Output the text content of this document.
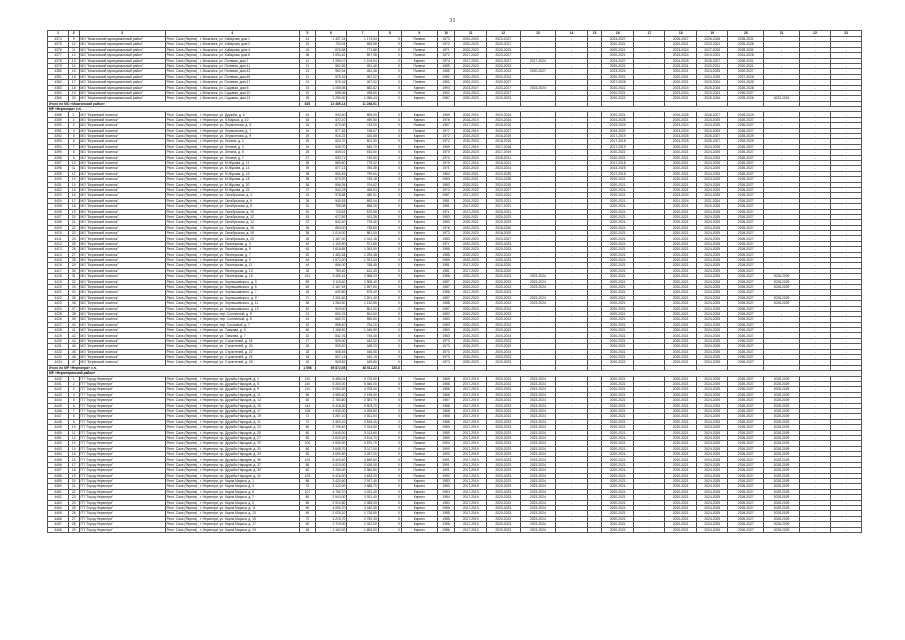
31
1	2	3	4	5	6	7	8	9	10	11	12	13	14	15	16	17	18	19	20	21	22	23
4374	9	МО "Можгинский муниципальный район"	Респ. Саха (Якутия) , г. Можгинск, ул. Хабарова, дом 1	41	1 497,24	1 174,54	0	Панели	1973	2020-2023	2023-2027	-	-	-	2024-2027	-	2026-2027	2026-2028	2028-2031	-	-	-
4375	10	МО "Можгинский муниципальный район"	Респ. Саха (Якутия) , г. Можгинск, ул. Хабарова, дом 2	22	733,04	655,58	0	Панели	1970	2020-2024	2020-2027	-	-	-	2020-2021	-	2020-2021	2023-2024	2025-2026	-	-	-
4376	11	МО "Можгинский муниципальный район"	Респ. Саха (Якутия) , г. Можгинск, ул. Хабарова, дом 4	24	876,68	771,86	0	Панели	1971	2020-2023	2020-2023	-	-	-	2020-2021	-	2023-2024	2027-2028	2028-2031	-	-	-
4377	12	МО "Можгинский муниципальный район"	Респ. Саха (Якутия) , г. Можгинск, ул. Хабарова, дом 6	36	1 094,40	807,98	0	Панели	1972	2017-2020	2023-2027	-	-	-	2020-2021	-	2019-2024	2019-2024	2024-2028	-	-	-
4378	13	МО "Можгинский муниципальный район"	Респ. Саха (Якутия) , г. Можгинск, ул. Полевая, дом 7	41	1 259,07	1 104,94	0	Кирпич	1974	2017-2020	2023-2027	2017-2024	-	-	2024-2027	-	2024-2025	2026-2027	2028-2031	-	-	-
4379	14	МО "Можгинский муниципальный район"	Респ. Саха (Якутия) , г. Можгинск, ул. Полевая, дом 41	21	562,36	451,46	0	Панели	1985	2020-2023	2020-2023	-	-	-	2020-2021	-	2029-2031	2020-2021	2020-2021	-	-	-
4380	15	МО "Можгинский муниципальный район"	Респ. Саха (Якутия) , г. Можгинск, ул. Полевая, дом 43	21	552,94	451,46	0	Панели	1985	2020-2023	2020-2023	2020-2027	-	-	2023-2024	-	2020-2021	2024-2025	2020-2027	-	-	-
4381	16	МО "Можгинский муниципальный район"	Респ. Саха (Якутия) , г. Можгинск, ул. Полевая, дом 45	21	575,16	467,02	0	Панели	1982	2020-2023	2020-2023	-	-	-	2020-2021	-	2020-2021	2024-2025	2027-2028	-	-	-
4382	17	МО "Можгинский муниципальный район"	Респ. Саха (Якутия) , г. Можгинск, ул. Полевая, дом 47	21	575,16	467,02	0	Панели	1982	2020-2023	2023-2027	-	-	-	2027-2028	-	2020-2021	2023-2024	2024-2025	-	-	-
4383	18	МО "Можгинский муниципальный район"	Респ. Саха (Якутия) , г. Можгинск, ул. Садовая, дом 5	24	1 065,98	882,62	0	Кирпич	1993	2023-2027	2023-2027	2023-2024	-	-	2020-2021	-	2023-2024	2026-2028	2026-2028	-	-	-
4384	19	МО "Можгинский муниципальный район"	Респ. Саха (Якутия) , г. Можгинск, ул. Садовая, дом 10	22	598,06	498,60	0	Панели	1962	2020-2023	2023-2027	-	-	-	2020-2021	-	2023-2024	2023-2024	2026-2027	-	-	-
4385	20	МО "Можгинский муниципальный район"	Респ. Саха (Якутия) , г. Можгинск, ул. Садовая, дом 12	39	1 290,00	1 056,44	0	Кирпич	1987	2020-2023	2020-2023	-	-	-	2020-2021	-	2020-2021	2025-2026	2025-2026	2023-2024	-	-
Итого по МО «Можгинский район»				625	12 489,14	11 248,61																
МР «Нерюнгри» с.п.																						
4388	1	МО "Беринский поселок"	Респ. Саха (Якутия) , г. Нерюнгри, ул. Дружбы, д. 6	43	942,60	805,09	0	Кирпич	1969	2020-2023	2020-2024	-	-	-	2020-2021	-	2024-2025	2026-2027	2028-2029	-	-	-
4389	2	МО "Беринский поселок"	Респ. Саха (Якутия) , г. Нерюнгри, ул. К.Маркса, д. 10	18	572,10	490,50	0	Кирпич	1976	2018-2019	2023-2024	-	-	-	2024-2025	-	2020-2021	2024-2025	2026-2027	-	-	-
4390	3	МО "Беринский поселок"	Респ. Саха (Якутия) , г. Нерюнгри, ул. Лермонтова, д. 5	24	870,00	743,00	0	Панели	1987	2017-2020	2018-2019	-	-	-	2019-2020	-	2023-2024	2024-2025	2026-2027	-	-	-
4391	4	МО "Беринский поселок"	Респ. Саха (Якутия) , г. Нерюнгри, ул. Лермонтова, д. 7	24	877,45	748,57	0	Панели	1977	2018-2019	2020-2027	-	-	-	2019-2020	-	2023-2024	2024-2025	2026-2027	-	-	-
4392	5	МО "Беринский поселок"	Респ. Саха (Якутия) , г. Нерюнгри, ул. Лермонтова, д. 9	25	515,22	430,68	0	Кирпич	1972	2020-2023	2016-2019	-	-	-	2017-2019	-	2024-2025	2026-2027	2028-2029	-	-	-
4393	6	МО "Беринский поселок"	Респ. Саха (Якутия) , г. Нерюнгри, ул. Ленина, д. 2	25	524,70	501,30	0	Кирпич	1972	2020-2023	2018-2019	-	-	-	2017-2018	-	2024-2025	2026-2027	2028-2029	-	-	-
4394	7	МО "Беринский поселок"	Респ. Саха (Якутия) , г. Нерюнгри, ул. Ленина, д. 3	24	549,70	540,70	0	Кирпич	1969	2017-2019	2017-2018	-	-	-	2017-2019	-	2020-2021	2024-2025	2026-2027	-	-	-
4395	8	МО "Беринский поселок"	Респ. Саха (Якутия) , г. Нерюнгри, ул. Ленина, д. 5	25	849,01	634,50	0	Кирпич	1970	2020-2023	2017-2019	-	-	-	2020-2021	-	2020-2021	2024-2025	2026-2027	-	-	-
4396	9	МО "Беринский поселок"	Респ. Саха (Якутия) , г. Нерюнгри, ул. Ленина, д. 7	27	833,71	749,50	0	Кирпич	1970	2020-2023	2018-2021	-	-	-	2020-2021	-	2020-2021	2024-2025	2026-2027	-	-	-
4397	10	МО "Беринский поселок"	Респ. Саха (Якутия) , г. Нерюнгри, ул. М.Жукова, д. 12	35	889,60	775,02	0	Кирпич	1970	2017-2018	2018-2021	-	-	-	2017-2018	-	2020-2021	2024-2025	2026-2027	-	-	-
4398	11	МО "Беринский поселок"	Респ. Саха (Якутия) , г. Нерюнгри, ул. М.Жукова, д. 14	39	877,13	780,38	0	Кирпич	1971	2020-2023	2023-2024	-	-	-	2024-2025	-	2020-2021	2024-2025	2026-2027	-	-	-
4399	12	МО "Беринский поселок"	Респ. Саха (Якутия) , г. Нерюнгри, ул. М.Жукова, д. 16	36	850,49	799,60	0	Кирпич	1984	2020-2021	2024-2025	-	-	-	2017-2018	-	2020-2021	2024-2025	2026-2027	-	-	-
4400	13	МО "Беринский поселок"	Респ. Саха (Якутия) , г. Нерюнгри, ул. М.Жукова, д. 18	36	879,20	745,18	0	Кирпич	1983	2020-2021	2024-2025	-	-	-	2020-2021	-	2020-2021	2024-2025	2026-2027	-	-	-
4401	14	МО "Беринский поселок"	Респ. Саха (Якутия) , г. Нерюнгри, ул. М.Жукова, д. 20	36	856,35	704,62	0	Кирпич	1983	2020-2021	2024-2025	-	-	-	2020-2021	-	2020-2021	2024-2025	2026-2027	-	-	-
4402	15	МО "Беринский поселок"	Респ. Саха (Якутия) , г. Нерюнгри, ул. М.Жукова, д. 22	27	542,23	456,03	0	Кирпич	1972	2020-2023	2023-2027	-	-	-	2020-2021	-	2020-2021	2024-2025	2026-2027	-	-	-
4403	16	МО "Беринский поселок"	Респ. Саха (Якутия) , г. Нерюнгри, ул. Октябрьская, д. 4	24	578,88	480,01	0	Кирпич	1987	2017-2020	2023-2024	-	-	-	2020-2021	-	2023-2024	2024-2025	2026-2027	-	-	-
4404	17	МО "Беринский поселок"	Респ. Саха (Якутия) , г. Нерюнгри, ул. Октябрьская, д. 6	26	940,53	853,44	0	Кирпич	1981	2020-2023	2020-2021	-	-	-	2020-2021	-	2021-2024	2021-2024	2026-2027	-	-	-
4405	18	МО "Беринский поселок"	Респ. Саха (Якутия) , г. Нерюнгри, ул. Октябрьская, д. 8	31	798,08	656,26	0	Кирпич	1981	2017-2020	2017-2021	-	-	-	2020-2021	-	2020-2021	2024-2025	2026-2027	-	-	-
4406	19	МО "Беринский поселок"	Респ. Саха (Якутия) , г. Нерюнгри, ул. Октябрьская, д. 10	20	715,63	575,96	0	Кирпич	1971	2017-2020	2018-2021	-	-	-	2020-2021	-	2020-2021	2024-2025	2026-2027	-	-	-
4407	20	МО "Беринский поселок"	Респ. Саха (Якутия) , г. Нерюнгри, ул. Октябрьская, д. 12	43	677,59	511,38	0	Кирпич	1983	2020-2021	2020-2023	-	-	-	2020-2021	-	2020-2021	2024-2025	2026-2027	-	-	-
4408	21	МО "Беринский поселок"	Респ. Саха (Якутия) , г. Нерюнгри, ул. Октябрьская, д. 14	37	842,40	715,40	0	Кирпич	1983	2020-2021	2020-2023	-	-	-	2020-2021	-	2020-2021	2024-2025	2026-2027	-	-	-
4409	22	МО "Беринский поселок"	Респ. Саха (Якутия) , г. Нерюнгри, ул. Октябрьская, д. 16	26	854,00	735,80	0	Кирпич	1976	2020-2023	2018-2020	-	-	-	2020-2021	-	2020-2021	2024-2025	2026-2027	-	-	-
4410	23	МО "Беринский поселок"	Респ. Саха (Якутия) , г. Нерюнгри, ул. Октябрьская, д. 18	38	1 019,00	861,00	0	Кирпич	1973	2020-2023	2018-2020	-	-	-	2020-2021	-	2020-2021	2024-2025	2026-2027	-	-	-
4411	24	МО "Беринский поселок"	Респ. Саха (Якутия) , г. Нерюнгри, ул. Октябрьская, д. 20	26	1 187,00	1 012,18	0	Кирпич	1983	2020-2023	2023-2027	-	-	-	2020-2021	-	2020-2021	2024-2025	2026-2027	-	-	-
4412	25	МО "Беринский поселок"	Респ. Саха (Якутия) , г. Нерюнгри, ул. Пионерская, д. 3	42	1 100,90	971,80	0	Кирпич	1977	2020-2023	2020-2023	-	-	-	2020-2021	-	2020-2021	2024-2025	2026-2027	-	-	-
4413	26	МО "Беринский поселок"	Респ. Саха (Якутия) , г. Нерюнгри, ул. Пионерская, д. 5	62	1 618,85	1 343,90	0	Кирпич	1985	2020-2023	2020-2023	-	-	-	2020-2021	-	2020-2021	2024-2025	2026-2027	-	-	-
4414	27	МО "Беринский поселок"	Респ. Саха (Якутия) , г. Нерюнгри, ул. Пионерская, д. 7	52	1 463,28	1 254,48	0	Кирпич	1985	2020-2023	2020-2023	-	-	-	2020-2021	-	2020-2021	2024-2025	2026-2027	-	-	-
4415	28	МО "Беринский поселок"	Респ. Саха (Якутия) , г. Нерюнгри, ул. Пионерская, д. 9	64	1 572,00	1 331,04	0	Кирпич	1985	2020-2023	2020-2023	-	-	-	2020-2021	-	2020-2021	2024-2025	2026-2027	-	-	-
4416	29	МО "Беринский поселок"	Респ. Саха (Якутия) , г. Нерюнгри, ул. Пионерская, д. 11	44	866,00	768,48	0	Кирпич	1981	2017-2020	2018-2020	-	-	-	2020-2021	-	2020-2021	2024-2025	2026-2027	-	-	-
4417	30	МО "Беринский поселок"	Респ. Саха (Якутия) , г. Нерюнгри, ул. Пионерская, д. 13	32	780,40	612,40	0	Кирпич	1981	2017-2020	2018-2020	-	-	-	2020-2021	-	2020-2021	2024-2025	2026-2027	-	-	-
4418	31	МО "Беринский поселок"	Респ. Саха (Якутия) , г. Нерюнгри, ул. Пионерская, д. 15	151	3 456,16	2 968,33	0	Кирпич	1986	2020-2023	2020-2023	2023-2024	-	-	2020-2021	-	2020-2021	2024-2025	2026-2027	2028-2029	-	-
4419	32	МО "Беринский поселок"	Респ. Саха (Якутия) , г. Нерюнгри, ул. Чернышевского, д. 3	59	2 119,40	1 908,40	0	Кирпич	1987	2020-2023	2020-2023	2023-2024	-	-	2020-2021	-	2020-2021	2024-2025	2026-2027	2028-2029	-	-
4420	33	МО "Беринский поселок"	Респ. Саха (Якутия) , г. Нерюнгри, ул. Чернышевского, д. 5	63	2 167,49	1 897,60	0	Кирпич	1987	2020-2023	2020-2023	2023-2024	-	-	2020-2021	-	2020-2021	2024-2025	2026-2027	2028-2029	-	-
4421	34	МО "Беринский поселок"	Респ. Саха (Якутия) , г. Нерюнгри, ул. Чернышевского, д. 7	26	649,80	575,40	0	Кирпич	1988	2017-2020	2020-2023	-	-	-	2020-2021	-	2020-2021	2024-2025	2026-2027	-	-	-
4422	35	МО "Беринский поселок"	Респ. Саха (Якутия) , г. Нерюнгри, ул. Чернышевского, д. 9	71	1 341,60	1 201,40	0	Кирпич	1987	2020-2023	2020-2023	2023-2024	-	-	2020-2021	-	2020-2021	2024-2025	2026-2027	2028-2029	-	-
4423	36	МО "Беринский поселок"	Респ. Саха (Якутия) , г. Нерюнгри, ул. Чернышевского, д. 11	56	1 284,30	1 132,85	0	Кирпич	1988	2020-2023	2020-2023	2023-2024	-	-	2020-2021	-	2020-2021	2024-2025	2026-2027	2028-2029	-	-
4424	37	МО "Беринский поселок"	Респ. Саха (Якутия) , г. Нерюнгри, ул. Чернышевского, д. 13	40	919,00	801,00	0	Кирпич	1987	2020-2023	2020-2023	-	-	-	2020-2021	-	2020-2021	2024-2025	2026-2027	-	-	-
4425	38	МО "Беринский поселок"	Респ. Саха (Якутия) , г. Нерюнгри, пер. Солнечный, д. 5	21	600,76	504,60	0	Кирпич	1983	2020-2023	2020-2023	-	-	-	2020-2021	-	2020-2021	2024-2025	2026-2027	-	-	-
4426	39	МО "Беринский поселок"	Респ. Саха (Якутия) , г. Нерюнгри, пер. Солнечный, д. 8	24	660,70	590,60	0	Кирпич	1983	2020-2023	2020-2023	-	-	-	2020-2021	-	2020-2021	2024-2025	2026-2027	-	-	-
4427	40	МО "Беринский поселок"	Респ. Саха (Якутия) , г. Нерюнгри, пер. Сосновый, д. 7	32	858,40	754,20	0	Кирпич	1983	2020-2023	2020-2023	-	-	-	2020-2021	-	2020-2021	2024-2025	2026-2027	-	-	-
4428	41	МО "Беринский поселок"	Респ. Саха (Якутия) , г. Нерюнгри, ул. Таежная, д. 5	48	1 168,30	1 045,80	0	Кирпич	1983	2020-2023	2020-2023	-	-	-	2020-2021	-	2020-2021	2024-2025	2026-2027	-	-	-
4429	42	МО "Беринский поселок"	Респ. Саха (Якутия) , г. Нерюнгри, ул. Таежная, д. 7	32	842,76	745,48	0	Кирпич	1983	2020-2023	2020-2023	-	-	-	2020-2021	-	2020-2021	2024-2025	2026-2027	-	-	-
4430	43	МО "Беринский поселок"	Респ. Саха (Якутия) , г. Нерюнгри, ул. Строителей, д. 18	17	509,00	442,32	0	Кирпич	1973	2020-2023	2020-2023	-	-	-	2020-2021	-	2020-2021	2024-2025	2026-2027	-	-	-
4431	44	МО "Беринский поселок"	Респ. Саха (Якутия) , г. Нерюнгри, ул. Строителей, д. 20	18	509,20	448,20	0	Кирпич	1973	2020-2023	2020-2023	-	-	-	2020-2021	-	2020-2021	2024-2025	2026-2027	-	-	-
4432	45	МО "Беринский поселок"	Респ. Саха (Якутия) , г. Нерюнгри, ул. Строителей, д. 22	18	508,45	446,65	0	Кирпич	1973	2020-2023	2020-2023	-	-	-	2020-2021	-	2020-2021	2024-2025	2026-2027	-	-	-
4433	46	МО "Беринский поселок"	Респ. Саха (Якутия) , г. Нерюнгри, ул. Строителей, д. 24	18	507,13	440,19	0	Кирпич	1973	2020-2023	2020-2023	-	-	-	2020-2021	-	2020-2021	2024-2025	2026-2027	-	-	-
4434	47	МО "Беринский поселок"	Респ. Саха (Якутия) , г. Нерюнгри, ул. Строителей, д. 26	18	509,82	449,80	0	Кирпич	1973	2020-2023	2020-2023	-	-	-	2020-2021	-	2020-2021	2024-2025	2026-2027	-	-	-
Итого по МР «Нерюнгри» с.п.				1 598	55 872,08	48 511,22	320,8															
МР «Нерюнгринский район»																						
4440	1	ГП "Город Нерюнгри"	Респ. Саха (Якутия) , г. Нерюнгри, пр. Дружбы Народов, д. 1	120	5 485,04	4 729,90	0	Панели	1985	2017-2019	2020-2023	2023-2024	-	-	2020-2021	-	2020-2021	2024-2025	2026-2027	2028-2029	-	-
4441	2	ГП "Город Нерюнгри"	Респ. Саха (Якутия) , г. Нерюнгри, пр. Дружбы Народов, д. 5	140	6 300,00	5 466,00	0	Панели	1986	2017-2019	2020-2023	2023-2024	-	-	2020-2021	-	2020-2021	2024-2025	2026-2027	2028-2029	-	-
4442	3	ГП "Город Нерюнгри"	Респ. Саха (Якутия) , г. Нерюнгри, пр. Дружбы Народов, д. 9	110	5 063,30	4 378,40	0	Панели	1986	2017-2019	2020-2023	2023-2024	-	-	2020-2021	-	2020-2021	2024-2025	2026-2027	2028-2029	-	-
4443	4	ГП "Город Нерюнгри"	Респ. Саха (Якутия) , г. Нерюнгри, пр. Дружбы Народов, д. 11	56	2 580,60	2 196,40	0	Панели	1986	2017-2019	2020-2023	2023-2024	-	-	2020-2021	-	2020-2021	2024-2025	2026-2027	2028-2029	-	-
4444	5	ГП "Город Нерюнгри"	Респ. Саха (Якутия) , г. Нерюнгри, пр. Дружбы Народов, д. 13	60	2 780,80	2 387,70	0	Панели	1987	2017-2019	2020-2023	2023-2024	-	-	2020-2021	-	2020-2021	2024-2025	2026-2027	2028-2029	-	-
4445	6	ГП "Город Нерюнгри"	Респ. Саха (Якутия) , г. Нерюнгри, пр. Дружбы Народов, д. 15	144	6 418,30	5 503,70	0	Панели	1988	2017-2019	2020-2023	2023-2024	-	-	2020-2021	-	2020-2021	2024-2025	2026-2027	2028-2029	-	-
4446	7	ГП "Город Нерюнгри"	Респ. Саха (Якутия) , г. Нерюнгри, пр. Дружбы Народов, д. 17	108	4 930,00	4 208,80	0	Панели	1988	2017-2019	2020-2023	2023-2024	-	-	2020-2021	-	2020-2021	2024-2025	2026-2027	2028-2029	-	-
4447	8	ГП "Город Нерюнгри"	Респ. Саха (Якутия) , г. Нерюнгри, пр. Дружбы Народов, д. 19	72	3 287,10	2 811,04	0	Панели	1988	2017-2019	2020-2023	2023-2024	-	-	2020-2021	-	2020-2021	2024-2025	2026-2027	2028-2029	-	-
4448	9	ГП "Город Нерюнгри"	Респ. Саха (Якутия) , г. Нерюнгри, пр. Дружбы Народов, д. 21	72	3 300,10	2 816,40	0	Панели	1988	2017-2019	2020-2023	2023-2024	-	-	2020-2021	-	2020-2021	2024-2025	2026-2027	2028-2029	-	-
4449	10	ГП "Город Нерюнгри"	Респ. Саха (Якутия) , г. Нерюнгри, пр. Дружбы Народов, д. 23	60	2 706,40	2 314,50	0	Панели	1989	2017-2019	2020-2023	2023-2024	-	-	2020-2021	-	2020-2021	2024-2025	2026-2027	2028-2029	-	-
4450	11	ГП "Город Нерюнгри"	Респ. Саха (Якутия) , г. Нерюнгри, пр. Дружбы Народов, д. 25	80	3 640,00	3 113,60	0	Панели	1989	2017-2019	2020-2023	2023-2024	-	-	2020-2021	-	2020-2021	2024-2025	2026-2027	2028-2029	-	-
4451	12	ГП "Город Нерюнгри"	Респ. Саха (Якутия) , г. Нерюнгри, пр. Дружбы Народов, д. 27	80	3 620,20	3 104,70	0	Панели	1989	2017-2019	2020-2023	2023-2024	-	-	2020-2021	-	2020-2021	2024-2025	2026-2027	2028-2029	-	-
4452	13	ГП "Город Нерюнгри"	Респ. Саха (Якутия) , г. Нерюнгри, пр. Дружбы Народов, д. 29	100	4 530,00	3 870,70	0	Панели	1990	2017-2019	2020-2023	2023-2024	-	-	2020-2021	-	2020-2021	2024-2025	2026-2027	2028-2029	-	-
4453	14	ГП "Город Нерюнгри"	Респ. Саха (Якутия) , г. Нерюнгри, пр. Дружбы Народов, д. 31	80	3 645,70	3 117,00	0	Панели	1990	2017-2019	2020-2023	2023-2024	-	-	2020-2021	-	2020-2021	2024-2025	2026-2027	2028-2029	-	-
4454	15	ГП "Город Нерюнгри"	Респ. Саха (Якутия) , г. Нерюнгри, пр. Дружбы Народов, д. 33	90	4 090,50	3 497,00	0	Панели	1990	2017-2019	2020-2023	2023-2024	-	-	2020-2021	-	2020-2021	2024-2025	2026-2027	2028-2029	-	-
4455	16	ГП "Город Нерюнгри"	Респ. Саха (Якутия) , г. Нерюнгри, пр. Дружбы Народов, д. 35	120	5 420,40	4 650,60	0	Панели	1991	2017-2019	2020-2023	2023-2024	-	-	2020-2021	-	2020-2021	2024-2025	2026-2027	2028-2029	-	-
4456	17	ГП "Город Нерюнгри"	Респ. Саха (Якутия) , г. Нерюнгри, пр. Дружбы Народов, д. 37	88	4 010,00	3 426,40	0	Панели	1991	2017-2019	2020-2023	2023-2024	-	-	2020-2021	-	2020-2021	2024-2025	2026-2027	2028-2029	-	-
4457	18	ГП "Город Нерюнгри"	Респ. Саха (Якутия) , г. Нерюнгри, пр. Дружбы Народов, д. 39	60	2 760,00	2 360,80	0	Панели	1991	2017-2019	2020-2023	2023-2024	-	-	2020-2021	-	2020-2021	2024-2025	2026-2027	2028-2029	-	-
4458	19	ГП "Город Нерюнгри"	Респ. Саха (Якутия) , г. Нерюнгри, пр. Дружбы Народов, д. 41	120	5 416,00	4 633,20	0	Панели	1992	2017-2019	2020-2023	2023-2024	-	-	2020-2021	-	2020-2021	2024-2025	2026-2027	2028-2029	-	-
4459	20	ГП "Город Нерюнгри"	Респ. Саха (Якутия) , г. Нерюнгри, ул. Карла Маркса, д. 1	88	3 420,60	2 917,40	0	Кирпич	1983	2017-2019	2020-2023	2023-2024	-	-	2020-2021	-	2020-2021	2024-2025	2026-2027	2028-2029	-	-
4460	21	ГП "Город Нерюнгри"	Респ. Саха (Якутия) , г. Нерюнгри, ул. Карла Маркса, д. 3	70	3 120,00	2 685,70	0	Кирпич	1983	2017-2019	2020-2023	2023-2024	-	-	2020-2021	-	2020-2021	2024-2025	2026-2027	2028-2029	-	-
4461	22	ГП "Город Нерюнгри"	Респ. Саха (Якутия) , г. Нерюнгри, ул. Карла Маркса, д. 5	107	4 750,70	4 031,40	0	Кирпич	1984	2017-2019	2020-2023	2023-2024	-	-	2020-2021	-	2020-2021	2024-2025	2026-2027	2028-2029	-	-
4462	23	ГП "Город Нерюнгри"	Респ. Саха (Якутия) , г. Нерюнгри, ул. Карла Маркса, д. 7	80	3 543,00	3 031,40	0	Кирпич	1984	2017-2019	2020-2023	2023-2024	-	-	2020-2021	-	2020-2021	2024-2025	2026-2027	2028-2029	-	-
4463	24	ГП "Город Нерюнгри"	Респ. Саха (Якутия) , г. Нерюнгри, ул. Карла Маркса, д. 9	65	2 910,80	2 485,00	0	Кирпич	1984	2017-2019	2020-2023	2023-2024	-	-	2020-2021	-	2020-2021	2024-2025	2026-2027	2028-2029	-	-
4464	25	ГП "Город Нерюнгри"	Респ. Саха (Якутия) , г. Нерюнгри, ул. Карла Маркса, д. 11	90	4 000,70	3 440,30	0	Кирпич	1985	2017-2019	2020-2023	2023-2024	-	-	2020-2021	-	2020-2021	2024-2025	2026-2027	2028-2029	-	-
4465	26	ГП "Город Нерюнгри"	Респ. Саха (Якутия) , г. Нерюнгри, ул. Карла Маркса, д. 13	45	2 025,10	1 726,80	0	Кирпич	1985	2017-2019	2020-2023	2023-2024	-	-	2020-2021	-	2020-2021	2024-2025	2026-2027	2028-2029	-	-
4466	27	ГП "Город Нерюнгри"	Респ. Саха (Якутия) , г. Нерюнгри, ул. Карла Маркса, д. 15	72	3 215,70	2 752,30	0	Кирпич	1985	2017-2019	2020-2023	2023-2024	-	-	2020-2021	-	2020-2021	2024-2025	2026-2027	2028-2029	-	-
4467	28	ГП "Город Нерюнгри"	Респ. Саха (Якутия) , г. Нерюнгри, ул. Карла Маркса, д. 17	60	2 715,00	2 322,00	0	Кирпич	1986	2017-2019	2020-2023	2023-2024	-	-	2020-2021	-	2020-2021	2024-2025	2026-2027	2028-2029	-	-
4468	29	ГП "Город Нерюнгри"	Респ. Саха (Якутия) , г. Нерюнгри, ул. Карла Маркса, д. 19	48	2 162,00	1 853,00	0	Кирпич	1986	2017-2019	2020-2023	2023-2024	-	-	2020-2021	-	2020-2021	2024-2025	2026-2027	2028-2029	-	-
